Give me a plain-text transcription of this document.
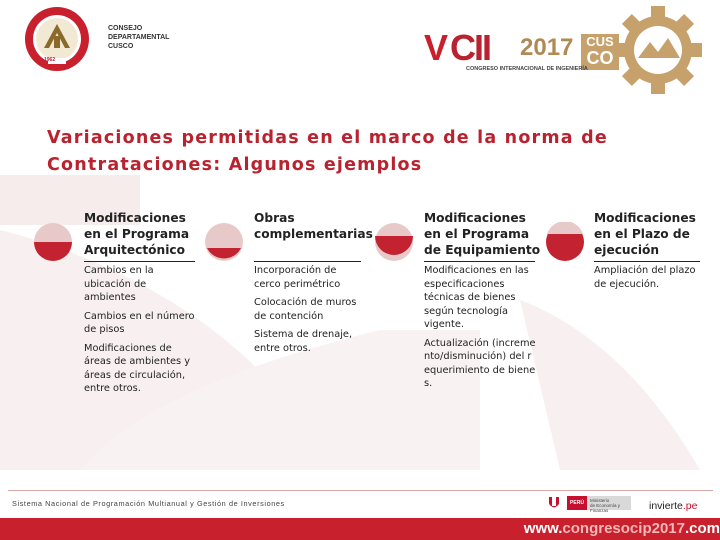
1962
CONSEJO
DEPARTAMENTAL
CUSCO	V CII 2017 CUS
CO
CONGRESO INTERNACIONAL DE INGENIERÍA
Variaciones permitidas en el marco de la norma de
Contrataciones: Algunos ejemplos
Modificaciones
en el Programa
Arquitectónico
Cambios en la ubicación de ambientes
Cambios en el número de pisos
Modificaciones de áreas de ambientes y áreas de circulación, entre otros.
Obras
complementarias
Incorporación de cerco perimétrico
Colocación de muros de contención
Sistema de drenaje, entre otros.
Modificaciones
en el Programa
de Equipamiento
Modificaciones en las especificaciones técnicas de bienes según tecnología vigente.
Actualización (incremento/disminución) del requerimiento de bienes.
Modificaciones
en el Plazo de
ejecución
Ampliación del plazo de ejecución.
Sistema Nacional de Programación Multianual y Gestión de Inversiones	PERÚ	Ministerio
de Economía y Finanzas	invierte.pe
www.congresocip2017.com
